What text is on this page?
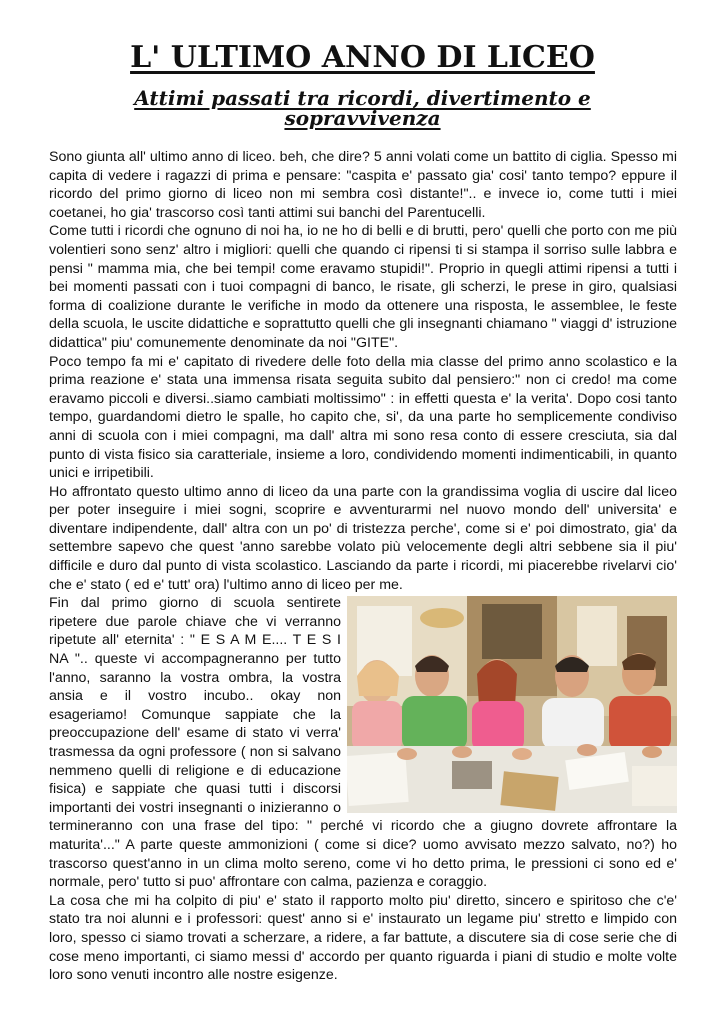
L' ULTIMO ANNO DI LICEO
Attimi passati tra ricordi, divertimento e sopravvivenza

Sono giunta all' ultimo anno di liceo. beh, che dire? 5 anni volati come un battito di ciglia. Spesso mi capita di vedere i ragazzi di prima e pensare: "caspita e' passato gia' cosi' tanto tempo? eppure il ricordo del primo giorno di liceo non mi sembra così distante!".. e invece io, come tutti i miei coetanei, ho gia' trascorso così tanti attimi sui banchi del Parentucelli.

Come tutti i ricordi che ognuno di noi ha, io ne ho di belli e di brutti, pero' quelli che porto con me più volentieri sono senz' altro i migliori: quelli che quando ci ripensi ti si stampa il sorriso sulle labbra e pensi " mamma mia, che bei tempi! come eravamo stupidi!". Proprio in quegli attimi ripensi a tutti i bei momenti passati con i tuoi compagni di banco, le risate, gli scherzi, le prese in giro, qualsiasi forma di coalizione durante le verifiche in modo da ottenere una risposta, le assemblee, le feste della scuola, le uscite didattiche e soprattutto quelli che gli insegnanti chiamano " viaggi d' istruzione didattica" piu' comunemente denominate da noi "GITE".

Poco tempo fa mi e' capitato di rivedere delle foto della mia classe del primo anno scolastico e la prima reazione e' stata una immensa risata seguita subito dal pensiero:" non ci credo! ma come eravamo piccoli e diversi..siamo cambiati moltissimo" : in effetti questa e' la verita'. Dopo cosi tanto tempo, guardandomi dietro le spalle, ho capito che, si', da una parte ho semplicemente condiviso anni di scuola con i miei compagni, ma dall' altra mi sono resa conto di essere cresciuta, sia dal punto di vista fisico sia caratteriale, insieme a loro, condividendo momenti indimenticabili, in quanto unici e irripetibili.

Ho affrontato questo ultimo anno di liceo da una parte con la grandissima voglia di uscire dal liceo per poter inseguire i miei sogni, scoprire e avventurarmi nel nuovo mondo dell' universita' e diventare indipendente, dall' altra con un po' di tristezza perche', come si e' poi dimostrato, gia' da settembre sapevo che quest 'anno sarebbe volato più velocemente degli altri sebbene sia il piu' difficile e duro dal punto di vista scolastico. Lasciando da parte i ricordi, mi piacerebbe rivelarvi cio' che e' stato ( ed e' tutt' ora) l'ultimo anno di liceo per me.

Fin dal primo giorno di scuola sentirete ripetere due parole chiave che vi verranno ripetute all' eternita' : " E S A M E.... T E S I NA ".. queste vi accompagneranno per tutto l'anno, saranno la vostra ombra, la vostra ansia e il vostro incubo.. okay non esageriamo! Comunque sappiate che la preoccupazione dell' esame di stato vi verra' trasmessa da ogni professore ( non si salvano nemmeno quelli di religione e di educazione fisica) e sappiate che quasi tutti i discorsi importanti dei vostri insegnanti o inizieranno o termineranno con una frase del tipo: " perché vi ricordo che a giugno dovrete affrontare la maturita'..." A parte queste ammonizioni ( come si dice? uomo avvisato mezzo salvato, no?) ho trascorso quest'anno in un clima molto sereno, come vi ho detto prima, le pressioni ci sono ed e' normale, pero' tutto si puo' affrontare con calma, pazienza e coraggio.

La cosa che mi ha colpito di piu' e' stato il rapporto molto piu' diretto, sincero e spiritoso che c'e' stato tra noi alunni e i professori: quest' anno si e' instaurato un legame piu' stretto e limpido con loro, spesso ci siamo trovati a scherzare, a ridere, a far battute, a discutere sia di cose serie che di cose meno importanti, ci siamo messi d' accordo per quanto riguarda i piani di studio e molte volte loro sono venuti incontro alle nostre esigenze.
